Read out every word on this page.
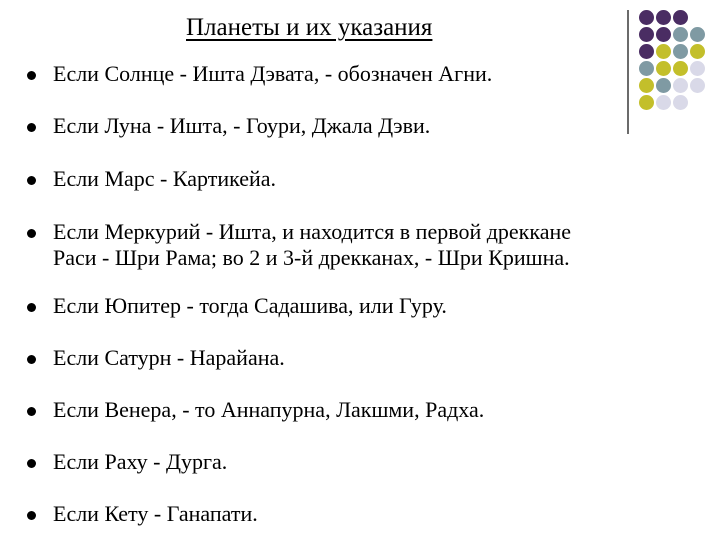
Планеты и их указания
Если Солнце - Ишта Дэвата, - обозначен Агни.
Если Луна - Ишта, - Гоури, Джала Дэви.
Если Марс - Картикейа.
Если Меркурий - Ишта, и находится в первой дреккане
Раси - Шри Рама; во 2 и 3-й дрекканах, - Шри Кришна.
Если Юпитер - тогда Садашива, или Гуру.
Если Сатурн - Нарайана.
Если Венера, - то Аннапурна, Лакшми, Радха.
Если Раху - Дурга.
Если Кету - Ганапати.
